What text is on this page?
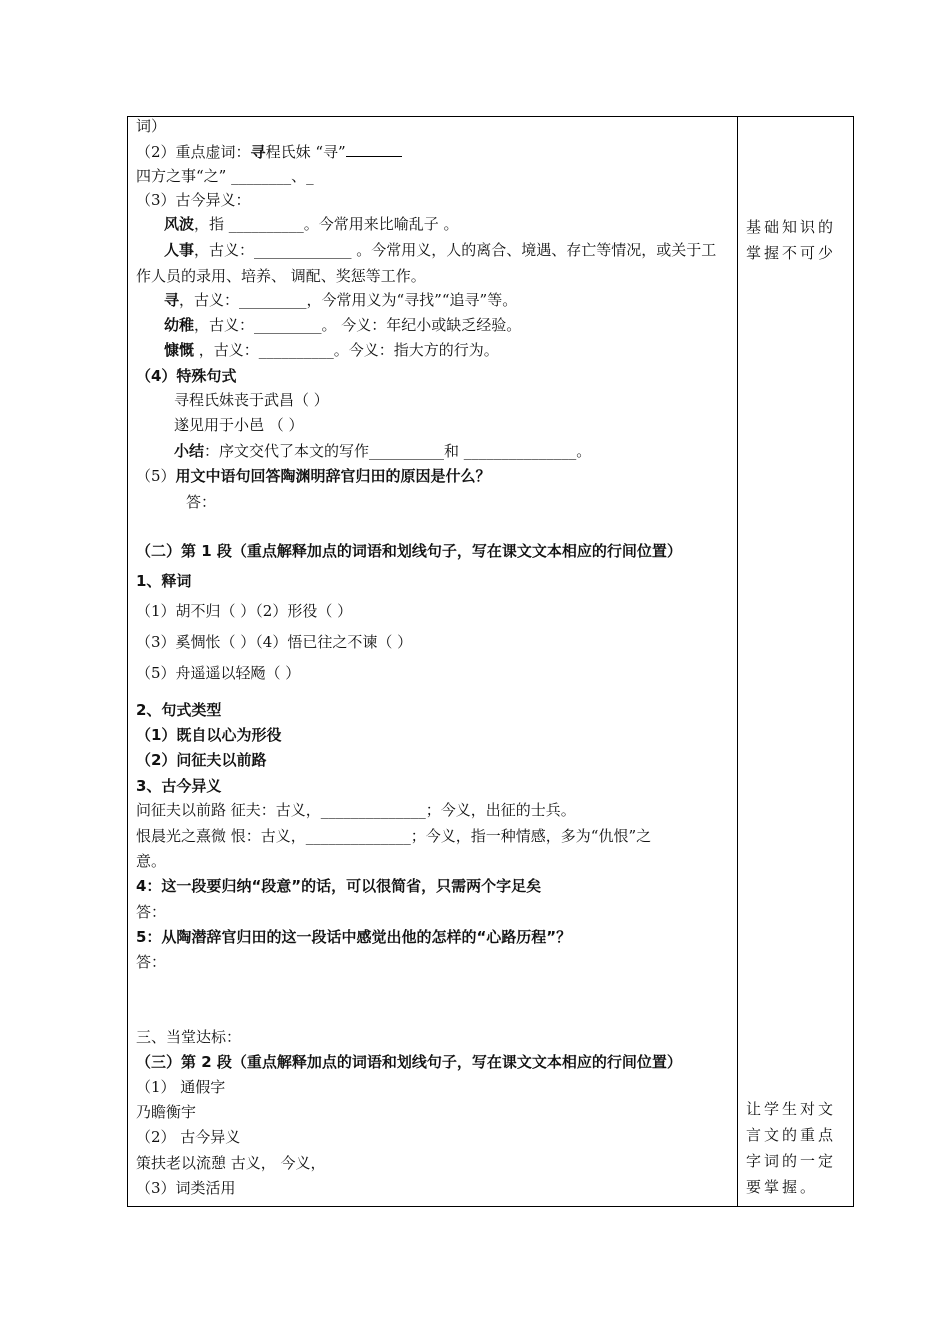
词）
（2）重点虚词：寻程氏妹 “寻”
四方之事“之” ________、_
（3）古今异义：
风波，指 __________。今常用来比喻乱子 。
人事，古义：_____________ 。今常用义，人的离合、境遇、存亡等情况，或关于工
作人员的录用、培养、 调配、奖惩等工作。
寻，古义：_________，今常用义为“寻找”“追寻”等。
幼稚，古义：_________。 今义：年纪小或缺乏经验。
慷慨 ，古义：__________。今义：指大方的行为。
（4）特殊句式
寻程氏妹丧于武昌（ ）
遂见用于小邑 （ ）
小结：序文交代了本文的写作__________和 _______________。
（5）用文中语句回答陶渊明辞官归田的原因是什么？
答：
（二）第 1 段（重点解释加点的词语和划线句子，写在课文文本相应的行间位置）
1、释词
（1）胡不归（ ）（2）形役（ ）
（3）奚惆怅（ ）（4）悟已往之不谏（ ）
（5）舟遥遥以轻飏（ ）
2、句式类型
（1）既自以心为形役
（2）问征夫以前路
3、古今异义
问征夫以前路 征夫：古义，______________；今义，出征的士兵。
恨晨光之熹微 恨：古义，______________；今义，指一种情感，多为“仇恨”之
意。
4：这一段要归纳“段意”的话，可以很简省，只需两个字足矣
答：
5：从陶潜辞官归田的这一段话中感觉出他的怎样的“心路历程”？
答：
三、当堂达标：
（三）第 2 段（重点解释加点的词语和划线句子，写在课文文本相应的行间位置）
（1） 通假字
乃瞻衡宇
（2） 古今异义
策扶老以流憩 古义， 今义，
（3）词类活用
基础知识的掌握不可少
让学生对文言文的重点字词的一定要掌握。
